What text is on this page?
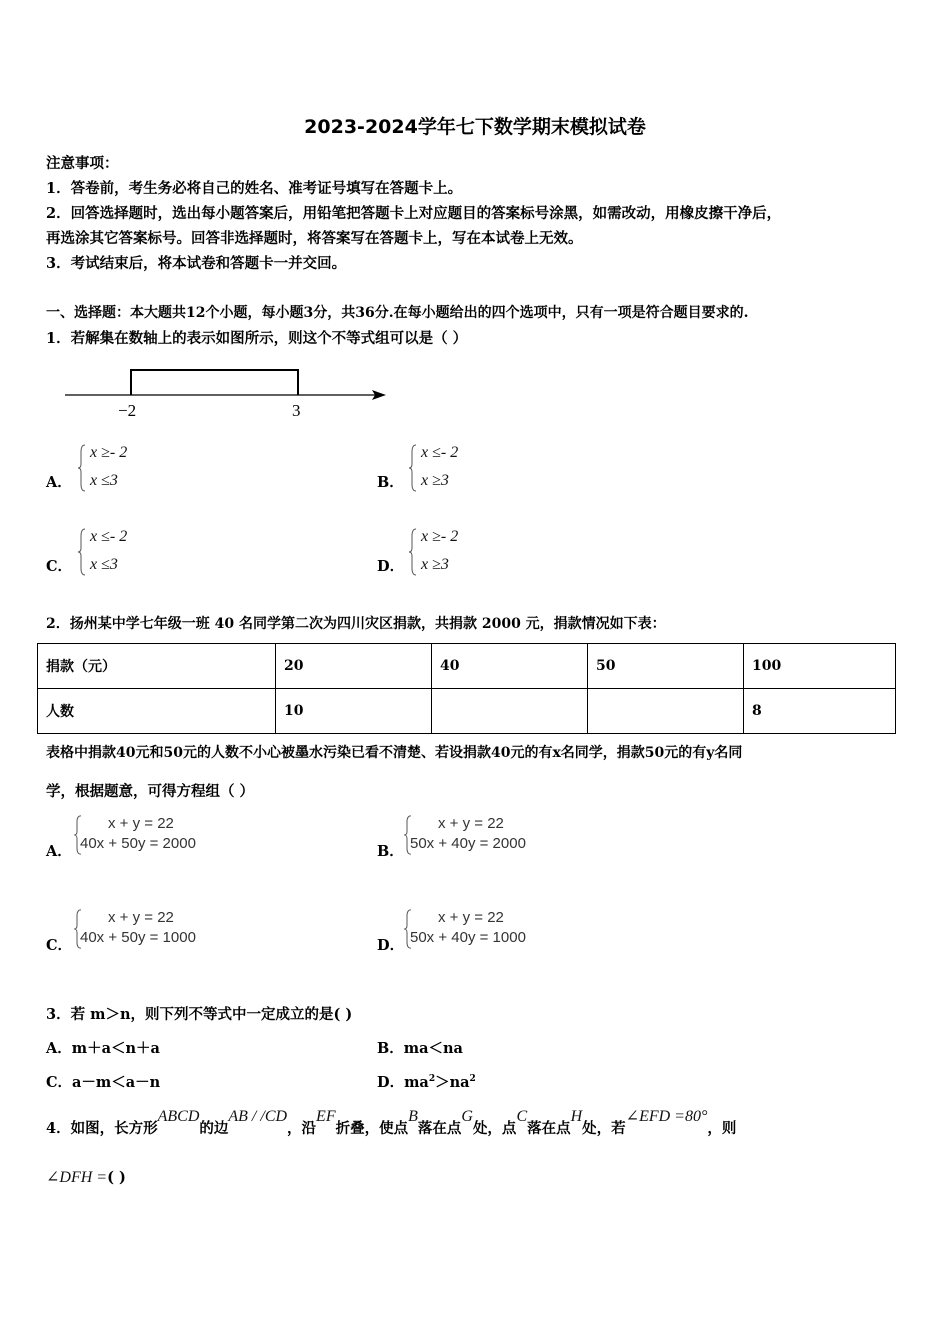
2023-2024学年七下数学期末模拟试卷
注意事项：
1．答卷前，考生务必将自己的姓名、准考证号填写在答题卡上。
2．回答选择题时，选出每小题答案后，用铅笔把答题卡上对应题目的答案标号涂黑，如需改动，用橡皮擦干净后，
再选涂其它答案标号。回答非选择题时，将答案写在答题卡上，写在本试卷上无效。
3．考试结束后，将本试卷和答题卡一并交回。
一、选择题：本大题共12个小题，每小题3分，共36分.在每小题给出的四个选项中，只有一项是符合题目要求的.
1．若解集在数轴上的表示如图所示，则这个不等式组可以是（ ）
−2	3
A．
x ≥- 2
x ≤3	B．
x ≤- 2
x ≥3
C．
x ≤- 2
x ≤3	D．
x ≥- 2
x ≥3
2．扬州某中学七年级一班 40 名同学第二次为四川灾区捐款，共捐款 2000 元，捐款情况如下表：
捐款（元）	20	40	50	100
人数	10			8
表格中捐款40元和50元的人数不小心被墨水污染已看不清楚、若设捐款40元的有x名同学，捐款50元的有y名同
学，根据题意，可得方程组（ ）
A．
x + y = 22
40x + 50y = 2000	B．
x + y = 22
50x + 40y = 2000
C．
x + y = 22
40x + 50y = 1000	D．
x + y = 22
50x + 40y = 1000
3．若 m＞n，则下列不等式中一定成立的是( )
A．m＋a＜n＋a	B．ma＜na
C．a－m＜a－n	D．$ma^2>na^2$
4．如图，长方形ABCD的边AB / /CD，沿EF折叠，使点B落在点G处，点C落在点H处，若∠EFD =80°，则
∠DFH =( )
